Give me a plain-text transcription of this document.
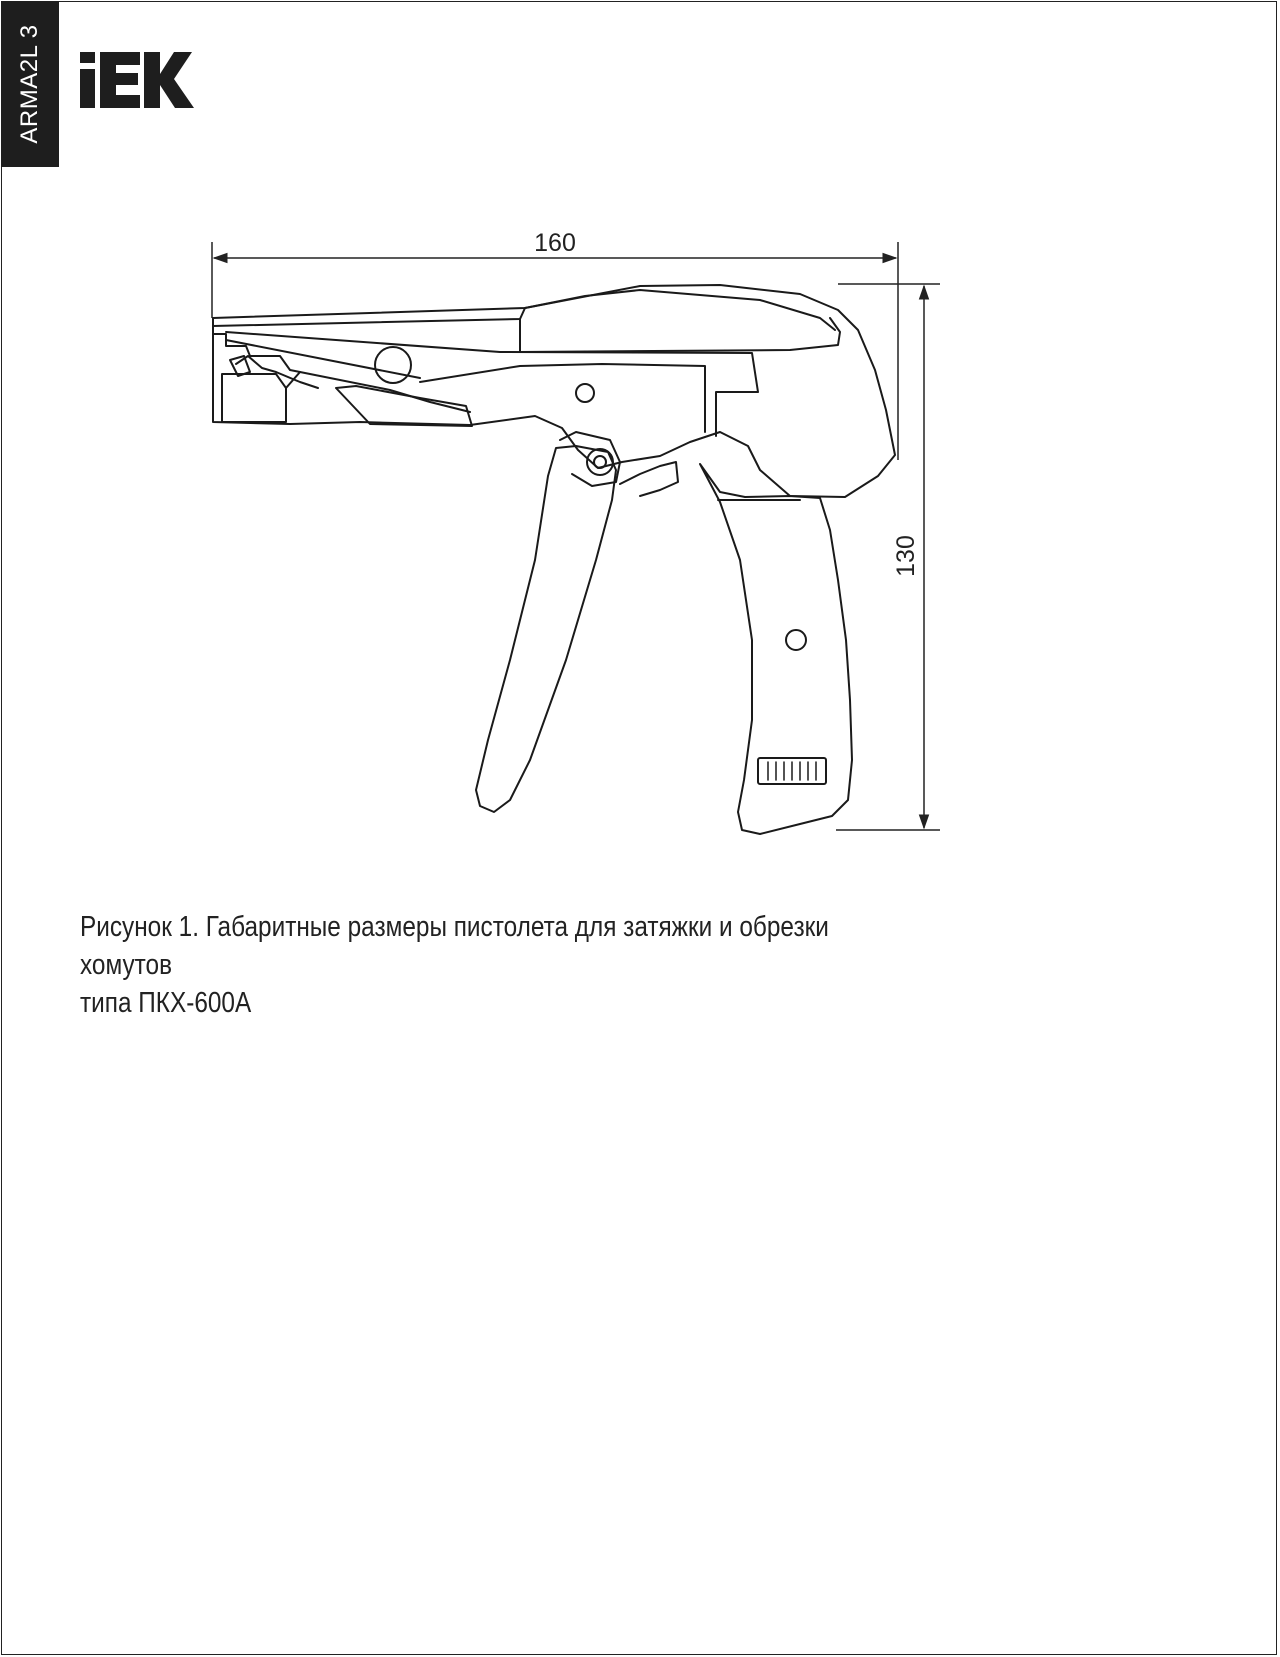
ARMA2L 3
160
130

Рисунок 1. Габаритные размеры пистолета для затяжки и обрезки хомутов

типа ПКХ-600А
